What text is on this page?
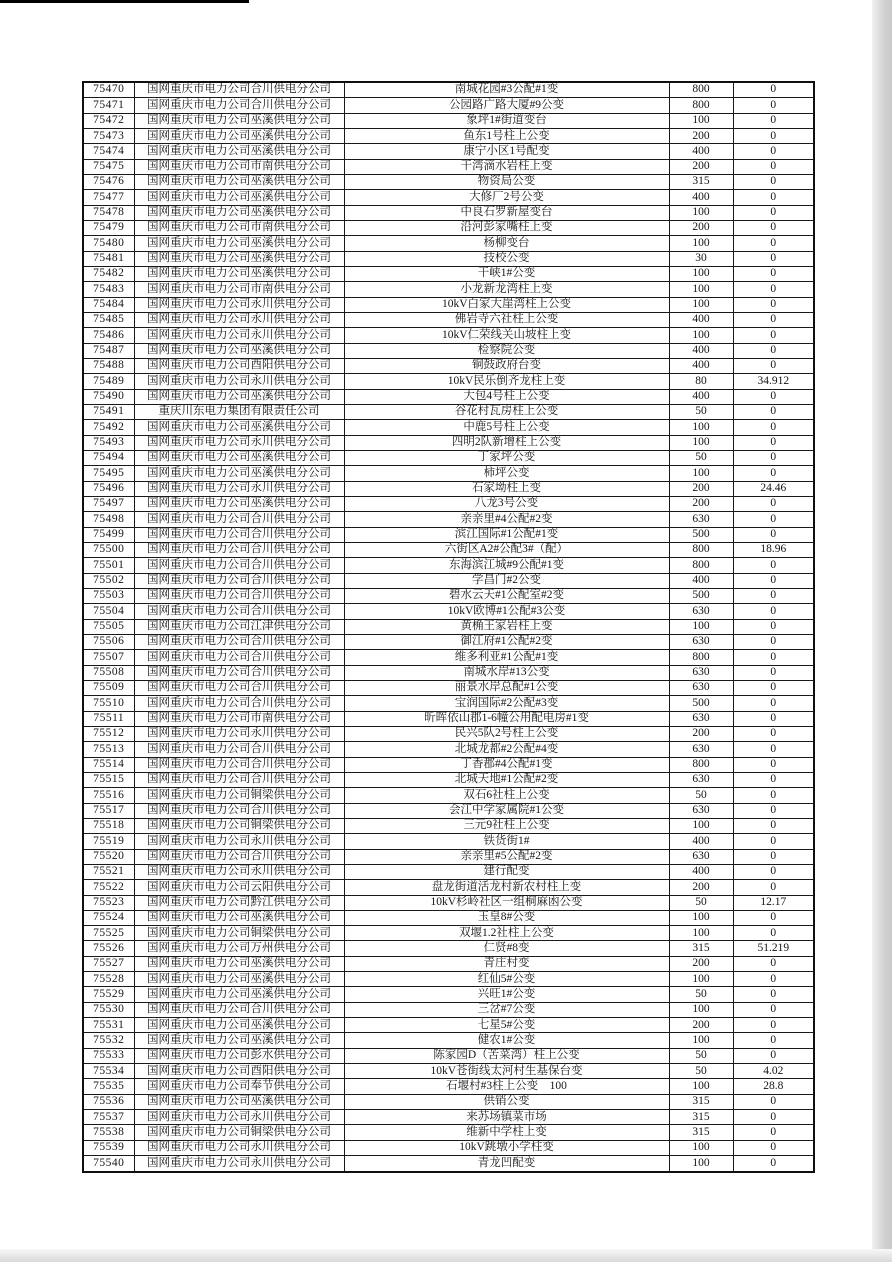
75470	国网重庆市电力公司合川供电分公司	南城花园#3公配#1变	800	0
75471	国网重庆市电力公司合川供电分公司	公园路广路大厦#9公变	800	0
75472	国网重庆市电力公司巫溪供电分公司	象坪1#街道变台	100	0
75473	国网重庆市电力公司巫溪供电分公司	鱼东1号柱上公变	200	0
75474	国网重庆市电力公司巫溪供电分公司	康宁小区1号配变	400	0
75475	国网重庆市电力公司市南供电分公司	干湾滴水岩柱上变	200	0
75476	国网重庆市电力公司巫溪供电分公司	物资局公变	315	0
75477	国网重庆市电力公司巫溪供电分公司	大修厂2号公变	400	0
75478	国网重庆市电力公司巫溪供电分公司	中良石罗新屋变台	100	0
75479	国网重庆市电力公司市南供电分公司	沿河彭家嘴柱上变	200	0
75480	国网重庆市电力公司巫溪供电分公司	杨柳变台	100	0
75481	国网重庆市电力公司巫溪供电分公司	技校公变	30	0
75482	国网重庆市电力公司巫溪供电分公司	干峡1#公变	100	0
75483	国网重庆市电力公司市南供电分公司	小龙新龙湾柱上变	100	0
75484	国网重庆市电力公司永川供电分公司	10kV白家大崖湾柱上公变	100	0
75485	国网重庆市电力公司永川供电分公司	佛岩寺六社柱上公变	400	0
75486	国网重庆市电力公司永川供电分公司	10kV仁荣线关山坡柱上变	100	0
75487	国网重庆市电力公司巫溪供电分公司	检察院公变	400	0
75488	国网重庆市电力公司酉阳供电分公司	铜鼓政府台变	400	0
75489	国网重庆市电力公司永川供电分公司	10kV民乐倒齐龙柱上变	80	34.912
75490	国网重庆市电力公司巫溪供电分公司	大包4号柱上公变	400	0
75491	重庆川东电力集团有限责任公司	谷花村瓦房柱上公变	50	0
75492	国网重庆市电力公司巫溪供电分公司	中鹿5号柱上公变	100	0
75493	国网重庆市电力公司永川供电分公司	四明2队新增柱上公变	100	0
75494	国网重庆市电力公司巫溪供电分公司	丁家坪公变	50	0
75495	国网重庆市电力公司巫溪供电分公司	柿坪公变	100	0
75496	国网重庆市电力公司永川供电分公司	石家坳柱上变	200	24.46
75497	国网重庆市电力公司巫溪供电分公司	八龙3号公变	200	0
75498	国网重庆市电力公司合川供电分公司	亲亲里#4公配#2变	630	0
75499	国网重庆市电力公司合川供电分公司	滨江国际#1公配#1变	500	0
75500	国网重庆市电力公司合川供电分公司	六街区A2#公配3#（配）	800	18.96
75501	国网重庆市电力公司合川供电分公司	东海滨江城#9公配#1变	800	0
75502	国网重庆市电力公司合川供电分公司	学昌门#2公变	400	0
75503	国网重庆市电力公司合川供电分公司	碧水云天#1公配室#2变	500	0
75504	国网重庆市电力公司合川供电分公司	10kV欧博#1公配#3公变	630	0
75505	国网重庆市电力公司江津供电分公司	黄桷王家岩柱上变	100	0
75506	国网重庆市电力公司合川供电分公司	御江府#1公配#2变	630	0
75507	国网重庆市电力公司合川供电分公司	维多利亚#1公配#1变	800	0
75508	国网重庆市电力公司合川供电分公司	南城水岸#13公变	630	0
75509	国网重庆市电力公司合川供电分公司	丽景水岸总配#1公变	630	0
75510	国网重庆市电力公司合川供电分公司	宝润国际#2公配#3变	500	0
75511	国网重庆市电力公司市南供电分公司	昕晖依山郡1-6幢公用配电房#1变	630	0
75512	国网重庆市电力公司永川供电分公司	民兴5队2号柱上公变	200	0
75513	国网重庆市电力公司合川供电分公司	北城龙都#2公配#4变	630	0
75514	国网重庆市电力公司合川供电分公司	丁香郡#4公配#1变	800	0
75515	国网重庆市电力公司合川供电分公司	北城天地#1公配#2变	630	0
75516	国网重庆市电力公司铜梁供电分公司	双石6社柱上公变	50	0
75517	国网重庆市电力公司合川供电分公司	会江中学家属院#1公变	630	0
75518	国网重庆市电力公司铜梁供电分公司	三元9社柱上公变	100	0
75519	国网重庆市电力公司永川供电分公司	铁货街1#	400	0
75520	国网重庆市电力公司合川供电分公司	亲亲里#5公配#2变	630	0
75521	国网重庆市电力公司永川供电分公司	建行配变	400	0
75522	国网重庆市电力公司云阳供电分公司	盘龙街道活龙村新农村柱上变	200	0
75523	国网重庆市电力公司黔江供电分公司	10kV杉岭社区一组桐麻凼公变	50	12.17
75524	国网重庆市电力公司巫溪供电分公司	玉皇8#公变	100	0
75525	国网重庆市电力公司铜梁供电分公司	双堰1.2社柱上公变	100	0
75526	国网重庆市电力公司万州供电分公司	仁贤#8变	315	51.219
75527	国网重庆市电力公司巫溪供电分公司	青庄村变	200	0
75528	国网重庆市电力公司巫溪供电分公司	红仙5#公变	100	0
75529	国网重庆市电力公司巫溪供电分公司	兴旺1#公变	50	0
75530	国网重庆市电力公司合川供电分公司	三岔#7公变	100	0
75531	国网重庆市电力公司巫溪供电分公司	七星5#公变	200	0
75532	国网重庆市电力公司巫溪供电分公司	健农1#公变	100	0
75533	国网重庆市电力公司彭水供电分公司	陈家园D（苦菜湾）柱上公变	50	0
75534	国网重庆市电力公司酉阳供电分公司	10kV苍街线太河村生基保台变	50	4.02
75535	国网重庆市电力公司奉节供电分公司	石堰村#3柱上公变　100	100	28.8
75536	国网重庆市电力公司巫溪供电分公司	供销公变	315	0
75537	国网重庆市电力公司永川供电分公司	来苏场镇菜市场	315	0
75538	国网重庆市电力公司铜梁供电分公司	维新中学柱上变	315	0
75539	国网重庆市电力公司永川供电分公司	10kV跳墩小学柱变	100	0
75540	国网重庆市电力公司永川供电分公司	青龙凹配变	100	0
